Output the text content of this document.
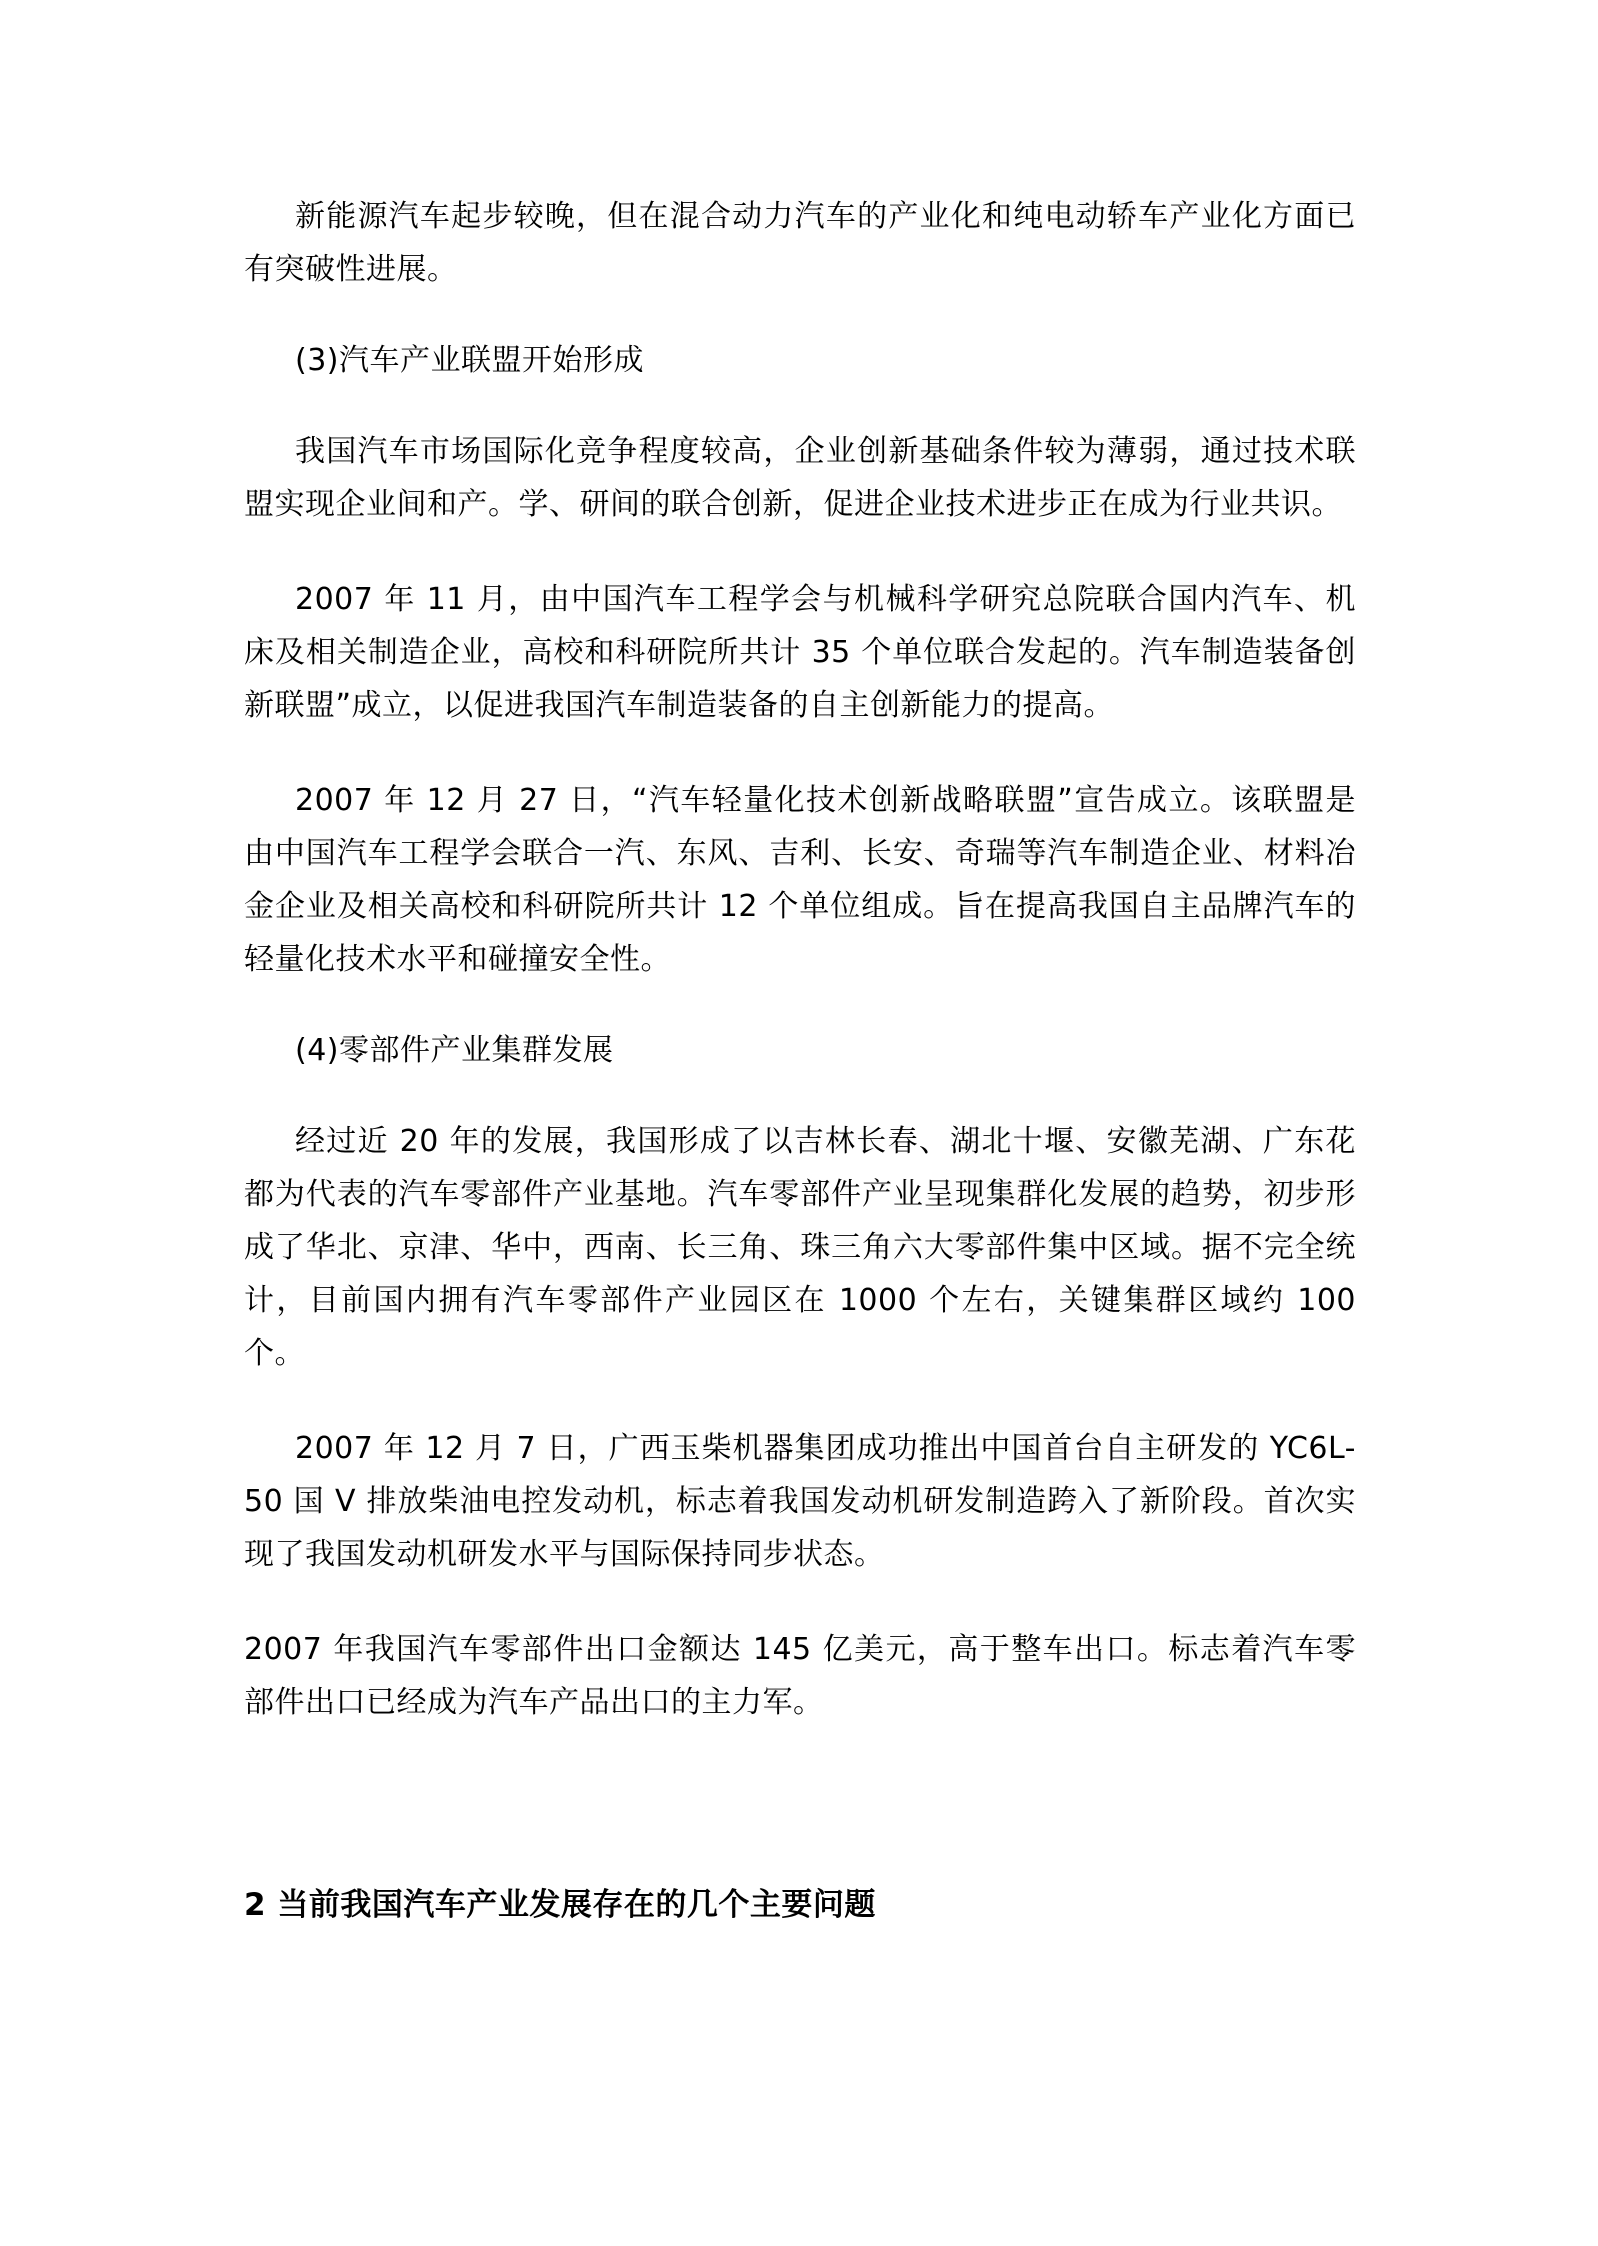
新能源汽车起步较晚，但在混合动力汽车的产业化和纯电动轿车产业化方面已有突破性进展。

(3)汽车产业联盟开始形成

我国汽车市场国际化竞争程度较高，企业创新基础条件较为薄弱，通过技术联盟实现企业间和产。学、研间的联合创新，促进企业技术进步正在成为行业共识。

2007 年 11 月，由中国汽车工程学会与机械科学研究总院联合国内汽车、机床及相关制造企业，高校和科研院所共计 35 个单位联合发起的。汽车制造装备创新联盟”成立，以促进我国汽车制造装备的自主创新能力的提高。

2007 年 12 月 27 日，“汽车轻量化技术创新战略联盟”宣告成立。该联盟是由中国汽车工程学会联合一汽、东风、吉利、长安、奇瑞等汽车制造企业、材料冶金企业及相关高校和科研院所共计 12 个单位组成。旨在提高我国自主品牌汽车的轻量化技术水平和碰撞安全性。

(4)零部件产业集群发展

经过近 20 年的发展，我国形成了以吉林长春、湖北十堰、安徽芜湖、广东花都为代表的汽车零部件产业基地。汽车零部件产业呈现集群化发展的趋势，初步形成了华北、京津、华中，西南、长三角、珠三角六大零部件集中区域。据不完全统计，目前国内拥有汽车零部件产业园区在 1000 个左右，关键集群区域约 100 个。

2007 年 12 月 7 日，广西玉柴机器集团成功推出中国首台自主研发的 YC6L-50 国 V 排放柴油电控发动机，标志着我国发动机研发制造跨入了新阶段。首次实现了我国发动机研发水平与国际保持同步状态。

2007 年我国汽车零部件出口金额达 145 亿美元，高于整车出口。标志着汽车零部件出口已经成为汽车产品出口的主力军。

2 当前我国汽车产业发展存在的几个主要问题
